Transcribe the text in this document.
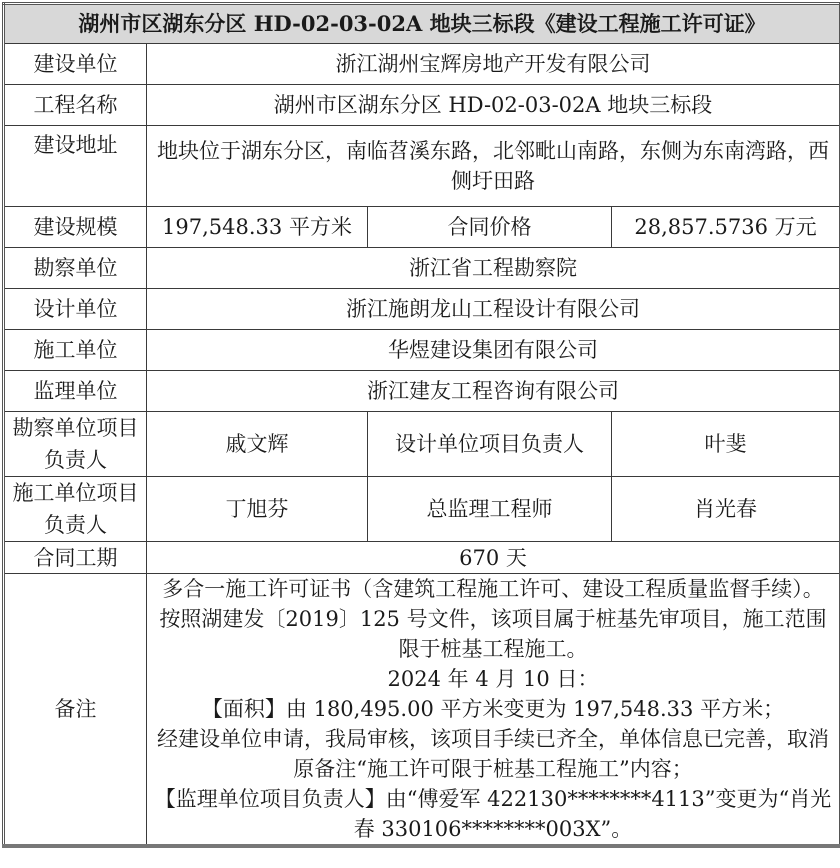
湖州市区湖东分区 HD-02-03-02A 地块三标段《建设工程施工许可证》			
建设单位	浙江湖州宝辉房地产开发有限公司		
工程名称	湖州市区湖东分区 HD-02-03-02A 地块三标段		
建设地址	地块位于湖东分区，南临苕溪东路，北邻毗山南路，东侧为东南湾路，西侧圩田路		
建设规模	197,548.33 平方米	合同价格	28,857.5736 万元
勘察单位	浙江省工程勘察院		
设计单位	浙江施朗龙山工程设计有限公司		
施工单位	华煜建设集团有限公司		
监理单位	浙江建友工程咨询有限公司		
勘察单位项目负责人	戚文辉	设计单位项目负责人	叶斐
施工单位项目负责人	丁旭芬	总监理工程师	肖光春
合同工期	670 天		
备注	多合一施工许可证书（含建筑工程施工许可、建设工程质量监督手续）。按照湖建发〔2019〕125 号文件，该项目属于桩基先审项目，施工范围限于桩基工程施工。

2024 年 4 月 10 日：

【面积】由 180,495.00 平方米变更为 197,548.33 平方米；

经建设单位申请，我局审核，该项目手续已齐全，单体信息已完善，取消原备注“施工许可限于桩基工程施工”内容；

【监理单位项目负责人】由“傅爱军 422130********4113”变更为“肖光春 330106********003X”。		
